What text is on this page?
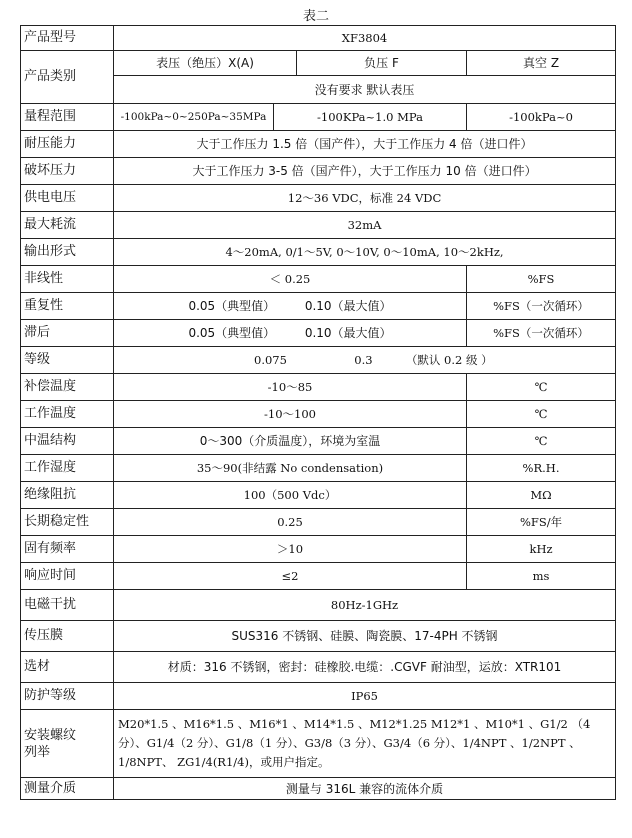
表二
产品型号	XF3804			
产品类别	表压（绝压）X(A)		负压 F	真空 Z
	没有要求 默认表压			
量程范围	-100kPa~0~250Pa~35MPa	-100KPa~1.0 MPa		-100kPa~0
耐压能力	大于工作压力 1.5 倍（国产件），大于工作压力 4 倍（进口件）			
破坏压力	大于工作压力 3-5 倍（国产件），大于工作压力 10 倍（进口件）			
供电电压	12～36 VDC，标准 24 VDC			
最大耗流	32mA			
输出形式	4～20mA, 0/1～5V, 0～10V, 0～10mA, 10～2kHz,			
非线性	＜ 0.25			%FS
重复性	0.05（典型值） 0.10（最大值）			%FS（一次循环）
滞后	0.05（典型值） 0.10（最大值）			%FS（一次循环）
等级	0.075 0.3 （默认 0.2 级 ）			
补偿温度	-10～85			℃
工作温度	-10～100			℃
中温结构	0～300（介质温度），环境为室温			℃
工作湿度	35～90(非结露 No condensation)			%R.H.
绝缘阻抗	100（500 Vdc）			MΩ
长期稳定性	0.25			%FS/年
固有频率	＞10			kHz
响应时间	≤2			ms
电磁干扰	80Hz-1GHz			
传压膜	SUS316 不锈钢、硅膜、陶瓷膜、17-4PH 不锈钢			
选材	材质：316 不锈钢，密封：硅橡胶.电缆：.CGVF 耐油型，运放：XTR101			
防护等级	IP65			

安装螺纹
列举	M20*1.5 、M16*1.5 、M16*1 、M14*1.5 、M12*1.25 M12*1 、M10*1 、G1/2 （4 分）、G1/4（2 分）、G1/8（1 分）、G3/8（3 分）、G3/4（6 分）、1/4NPT 、1/2NPT 、1/8NPT、 ZG1/4(R1/4)，或用户指定。			
测量介质	测量与 316L 兼容的流体介质			
